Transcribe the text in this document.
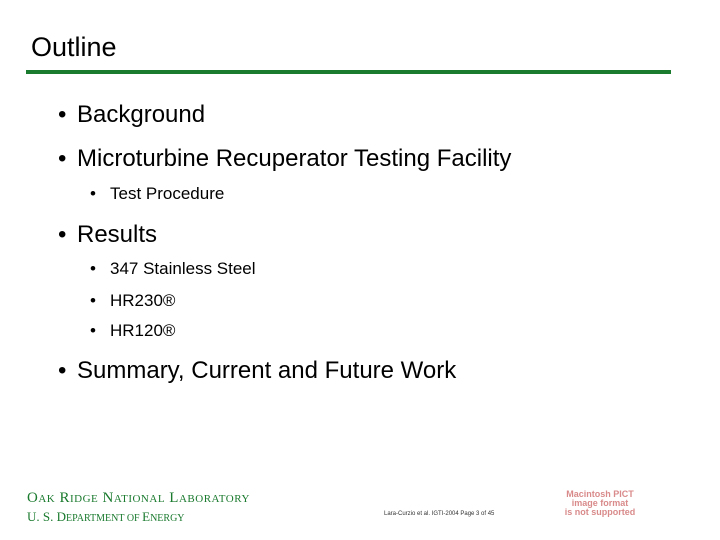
Outline
• Background
• Microturbine Recuperator Testing Facility
• Test Procedure
• Results
• 347 Stainless Steel
• HR230®
• HR120®
• Summary, Current and Future Work
OAK RIDGE NATIONAL LABORATORY
U. S. DEPARTMENT OF ENERGY	Lara-Curzio et al. IGTI-2004 Page 3 of 45
Macintosh PICT
image format
is not supported
